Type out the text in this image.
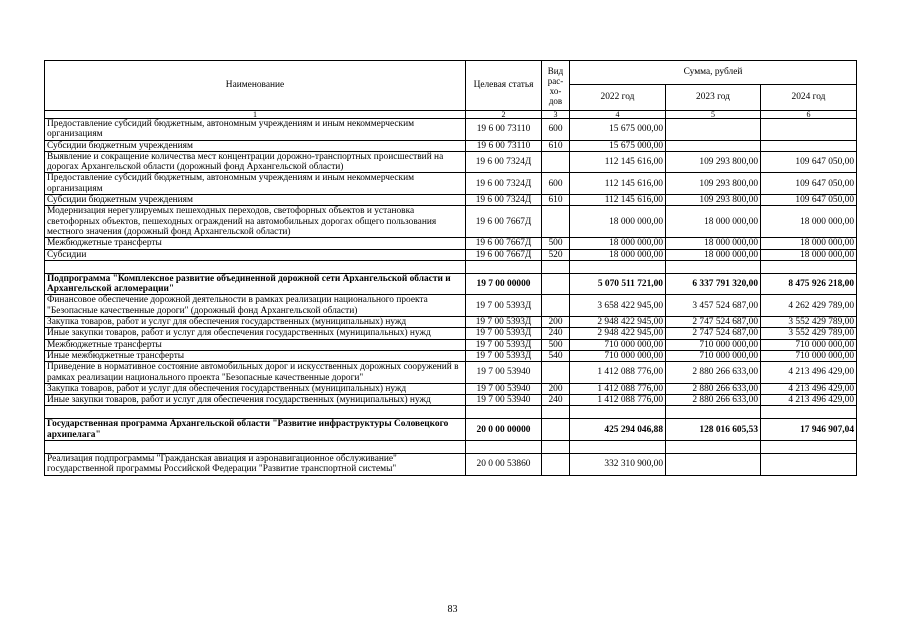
Наименование	Целевая статья	Вид рас- хо- дов	Сумма, рублей		
			2022 год	2023 год	2024 год
1	2	3	4	5	6
Предоставление субсидий бюджетным, автономным учреждениям и иным некоммерческим организациям	19 6 00 73110	600	15 675 000,00		
Субсидии бюджетным учреждениям	19 6 00 73110	610	15 675 000,00		
Выявление и сокращение количества мест концентрации дорожно-транспортных происшествий на дорогах Архангельской области (дорожный фонд Архангельской области)	19 6 00 7324Д		112 145 616,00	109 293 800,00	109 647 050,00
Предоставление субсидий бюджетным, автономным учреждениям и иным некоммерческим организациям	19 6 00 7324Д	600	112 145 616,00	109 293 800,00	109 647 050,00
Субсидии бюджетным учреждениям	19 6 00 7324Д	610	112 145 616,00	109 293 800,00	109 647 050,00
Модернизация нерегулируемых пешеходных переходов, светофорных объектов и установка светофорных объектов, пешеходных ограждений на автомобильных дорогах общего пользования местного значения (дорожный фонд Архангельской области)	19 6 00 7667Д		18 000 000,00	18 000 000,00	18 000 000,00
Межбюджетные трансферты	19 6 00 7667Д	500	18 000 000,00	18 000 000,00	18 000 000,00
Субсидии	19 6 00 7667Д	520	18 000 000,00	18 000 000,00	18 000 000,00

Подпрограмма "Комплексное развитие объединенной дорожной сети Архангельской области и Архангельской агломерации"	19 7 00 00000		5 070 511 721,00	6 337 791 320,00	8 475 926 218,00
Финансовое обеспечение дорожной деятельности в рамках реализации национального проекта "Безопасные качественные дороги" (дорожный фонд Архангельской области)	19 7 00 5393Д		3 658 422 945,00	3 457 524 687,00	4 262 429 789,00
Закупка товаров, работ и услуг для обеспечения государственных (муниципальных) нужд	19 7 00 5393Д	200	2 948 422 945,00	2 747 524 687,00	3 552 429 789,00
Иные закупки товаров, работ и услуг для обеспечения государственных (муниципальных) нужд	19 7 00 5393Д	240	2 948 422 945,00	2 747 524 687,00	3 552 429 789,00
Межбюджетные трансферты	19 7 00 5393Д	500	710 000 000,00	710 000 000,00	710 000 000,00
Иные межбюджетные трансферты	19 7 00 5393Д	540	710 000 000,00	710 000 000,00	710 000 000,00
Приведение в нормативное состояние автомобильных дорог и искусственных дорожных сооружений в рамках реализации национального проекта "Безопасные качественные дороги"	19 7 00 53940		1 412 088 776,00	2 880 266 633,00	4 213 496 429,00
Закупка товаров, работ и услуг для обеспечения государственных (муниципальных) нужд	19 7 00 53940	200	1 412 088 776,00	2 880 266 633,00	4 213 496 429,00
Иные закупки товаров, работ и услуг для обеспечения государственных (муниципальных) нужд	19 7 00 53940	240	1 412 088 776,00	2 880 266 633,00	4 213 496 429,00

Государственная программа Архангельской области "Развитие инфраструктуры Соловецкого архипелага"	20 0 00 00000		425 294 046,88	128 016 605,53	17 946 907,04

Реализация подпрограммы "Гражданская авиация и аэронавигационное обслуживание" государственной программы Российской Федерации "Развитие транспортной системы"	20 0 00 53860		332 310 900,00		
83
